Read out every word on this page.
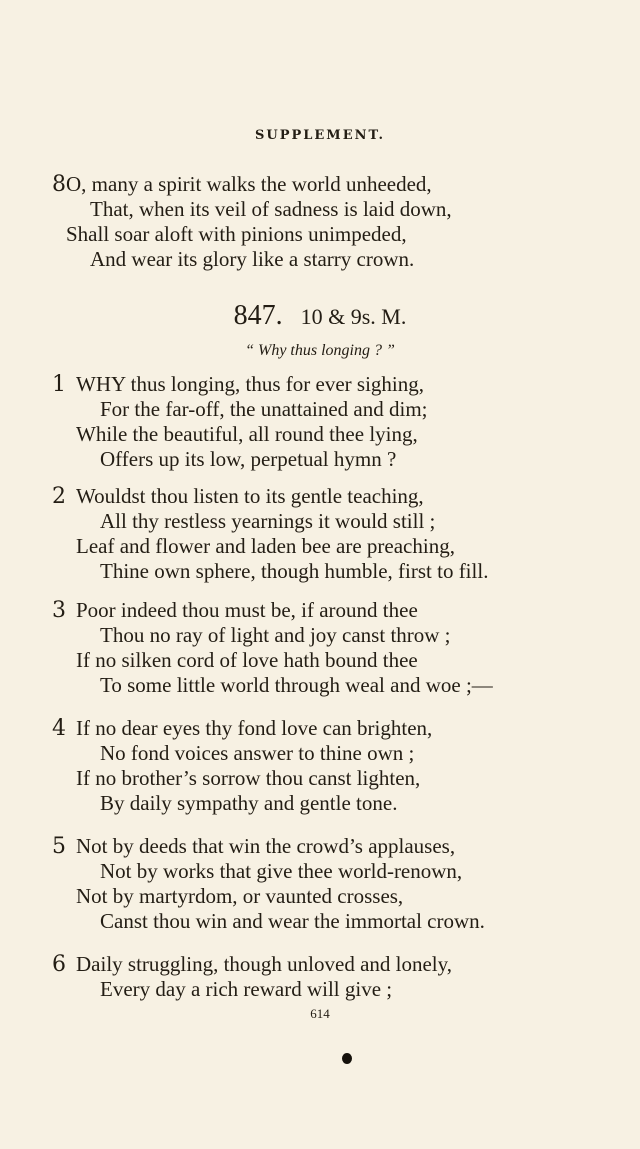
SUPPLEMENT.
8 O, many a spirit walks the world unheeded,
That, when its veil of sadness is laid down,
Shall soar aloft with pinions unimpeded,
And wear its glory like a starry crown.
847. 10 & 9s. M.
“ Why thus longing ? ”
1 WHY thus longing, thus for ever sighing,
For the far-off, the unattained and dim;
While the beautiful, all round thee lying,
Offers up its low, perpetual hymn ?
2 Wouldst thou listen to its gentle teaching,
All thy restless yearnings it would still ;
Leaf and flower and laden bee are preaching,
Thine own sphere, though humble, first to fill.
3 Poor indeed thou must be, if around thee
Thou no ray of light and joy canst throw ;
If no silken cord of love hath bound thee
To some little world through weal and woe ;—
4 If no dear eyes thy fond love can brighten,
No fond voices answer to thine own ;
If no brother’s sorrow thou canst lighten,
By daily sympathy and gentle tone.
5 Not by deeds that win the crowd’s applauses,
Not by works that give thee world-renown,
Not by martyrdom, or vaunted crosses,
Canst thou win and wear the immortal crown.
6 Daily struggling, though unloved and lonely,
Every day a rich reward will give ;
614
